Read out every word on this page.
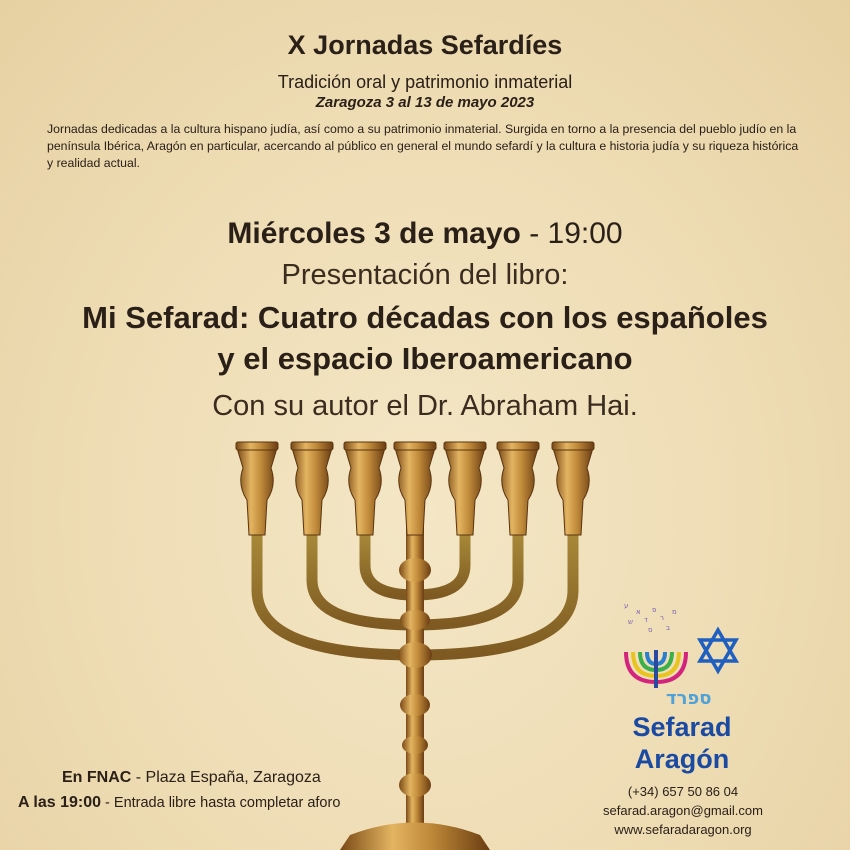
X Jornadas Sefardíes
Tradición oral y patrimonio inmaterial
Zaragoza 3 al 13 de mayo 2023
Jornadas dedicadas a la cultura hispano judía, así como a su patrimonio inmaterial. Surgida en torno a la presencia del pueblo judío en la península Ibérica, Aragón en particular, acercando al público en general el mundo sefardí y la cultura e historia judía y su riqueza histórica y realidad actual.
Miércoles 3 de mayo - 19:00
Presentación del libro:
Mi Sefarad: Cuatro décadas con los españoles
y el espacio Iberoamericano
Con su autor el Dr. Abraham Hai.
En FNAC - Plaza España, Zaragoza
A las 19:00 - Entrada libre hasta completar aforo
ע
א
ש ד
פ
ר
ס ב
מ
ספרד
Sefarad
Aragón
(+34) 657 50 86 04
sefarad.aragon@gmail.com
www.sefaradaragon.org
